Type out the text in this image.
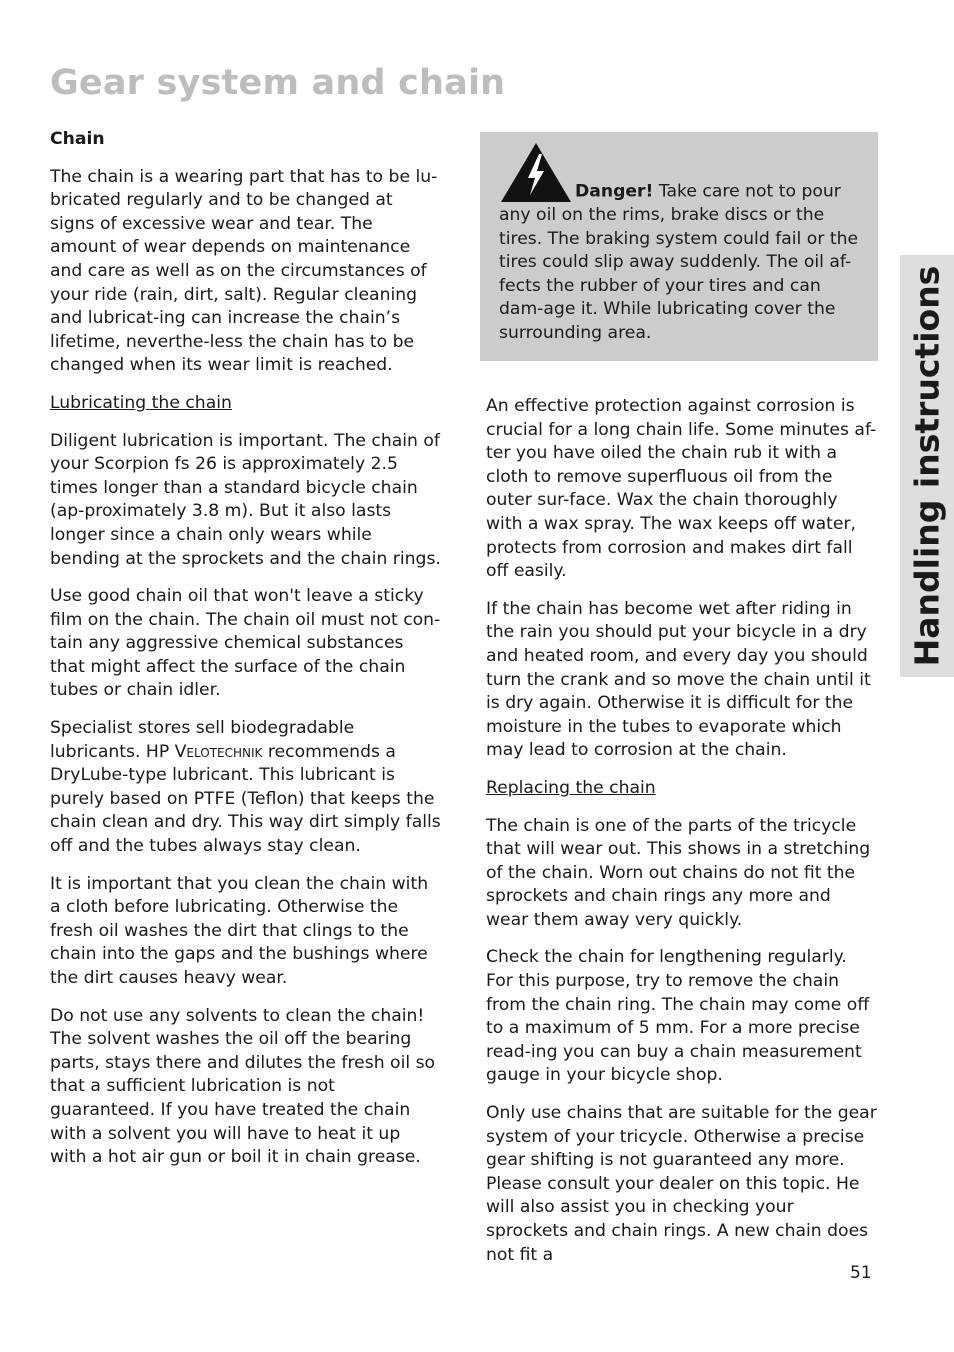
Gear system and chain

Chain

The chain is a wearing part that has to be lu-bricated regularly and to be changed at signs of excessive wear and tear. The amount of wear depends on maintenance and care as well as on the circumstances of your ride (rain, dirt, salt). Regular cleaning and lubricat-ing can increase the chain’s lifetime, neverthe-less the chain has to be changed when its wear limit is reached.

Lubricating the chain

Diligent lubrication is important. The chain of your Scorpion fs 26 is approximately 2.5 times longer than a standard bicycle chain (ap-proximately 3.8 m). But it also lasts longer since a chain only wears while bending at the sprockets and the chain rings.

Use good chain oil that won't leave a sticky film on the chain. The chain oil must not con-tain any aggressive chemical substances that might affect the surface of the chain tubes or chain idler.

Specialist stores sell biodegradable lubricants. HP Velotechnik recommends a DryLube-type lubricant. This lubricant is purely based on PTFE (Teflon) that keeps the chain clean and dry. This way dirt simply falls off and the tubes always stay clean.

It is important that you clean the chain with a cloth before lubricating. Otherwise the fresh oil washes the dirt that clings to the chain into the gaps and the bushings where the dirt causes heavy wear.

Do not use any solvents to clean the chain! The solvent washes the oil off the bearing parts, stays there and dilutes the fresh oil so that a sufficient lubrication is not guaranteed. If you have treated the chain with a solvent you will have to heat it up with a hot air gun or boil it in chain grease.

Danger! Take care not to pour any oil on the rims, brake discs or the tires. The braking system could fail or the tires could slip away suddenly. The oil af-fects the rubber of your tires and can dam-age it. While lubricating cover the surrounding area.

An effective protection against corrosion is crucial for a long chain life. Some minutes af-ter you have oiled the chain rub it with a cloth to remove superfluous oil from the outer sur-face. Wax the chain thoroughly with a wax spray. The wax keeps off water, protects from corrosion and makes dirt fall off easily.

If the chain has become wet after riding in the rain you should put your bicycle in a dry and heated room, and every day you should turn the crank and so move the chain until it is dry again. Otherwise it is difficult for the moisture in the tubes to evaporate which may lead to corrosion at the chain.

Replacing the chain

The chain is one of the parts of the tricycle that will wear out. This shows in a stretching of the chain. Worn out chains do not fit the sprockets and chain rings any more and wear them away very quickly.

Check the chain for lengthening regularly. For this purpose, try to remove the chain from the chain ring. The chain may come off to a maximum of 5 mm. For a more precise read-ing you can buy a chain measurement gauge in your bicycle shop.

Only use chains that are suitable for the gear system of your tricycle. Otherwise a precise gear shifting is not guaranteed any more. Please consult your dealer on this topic. He will also assist you in checking your sprockets and chain rings. A new chain does not fit a

Handling instructions
51
